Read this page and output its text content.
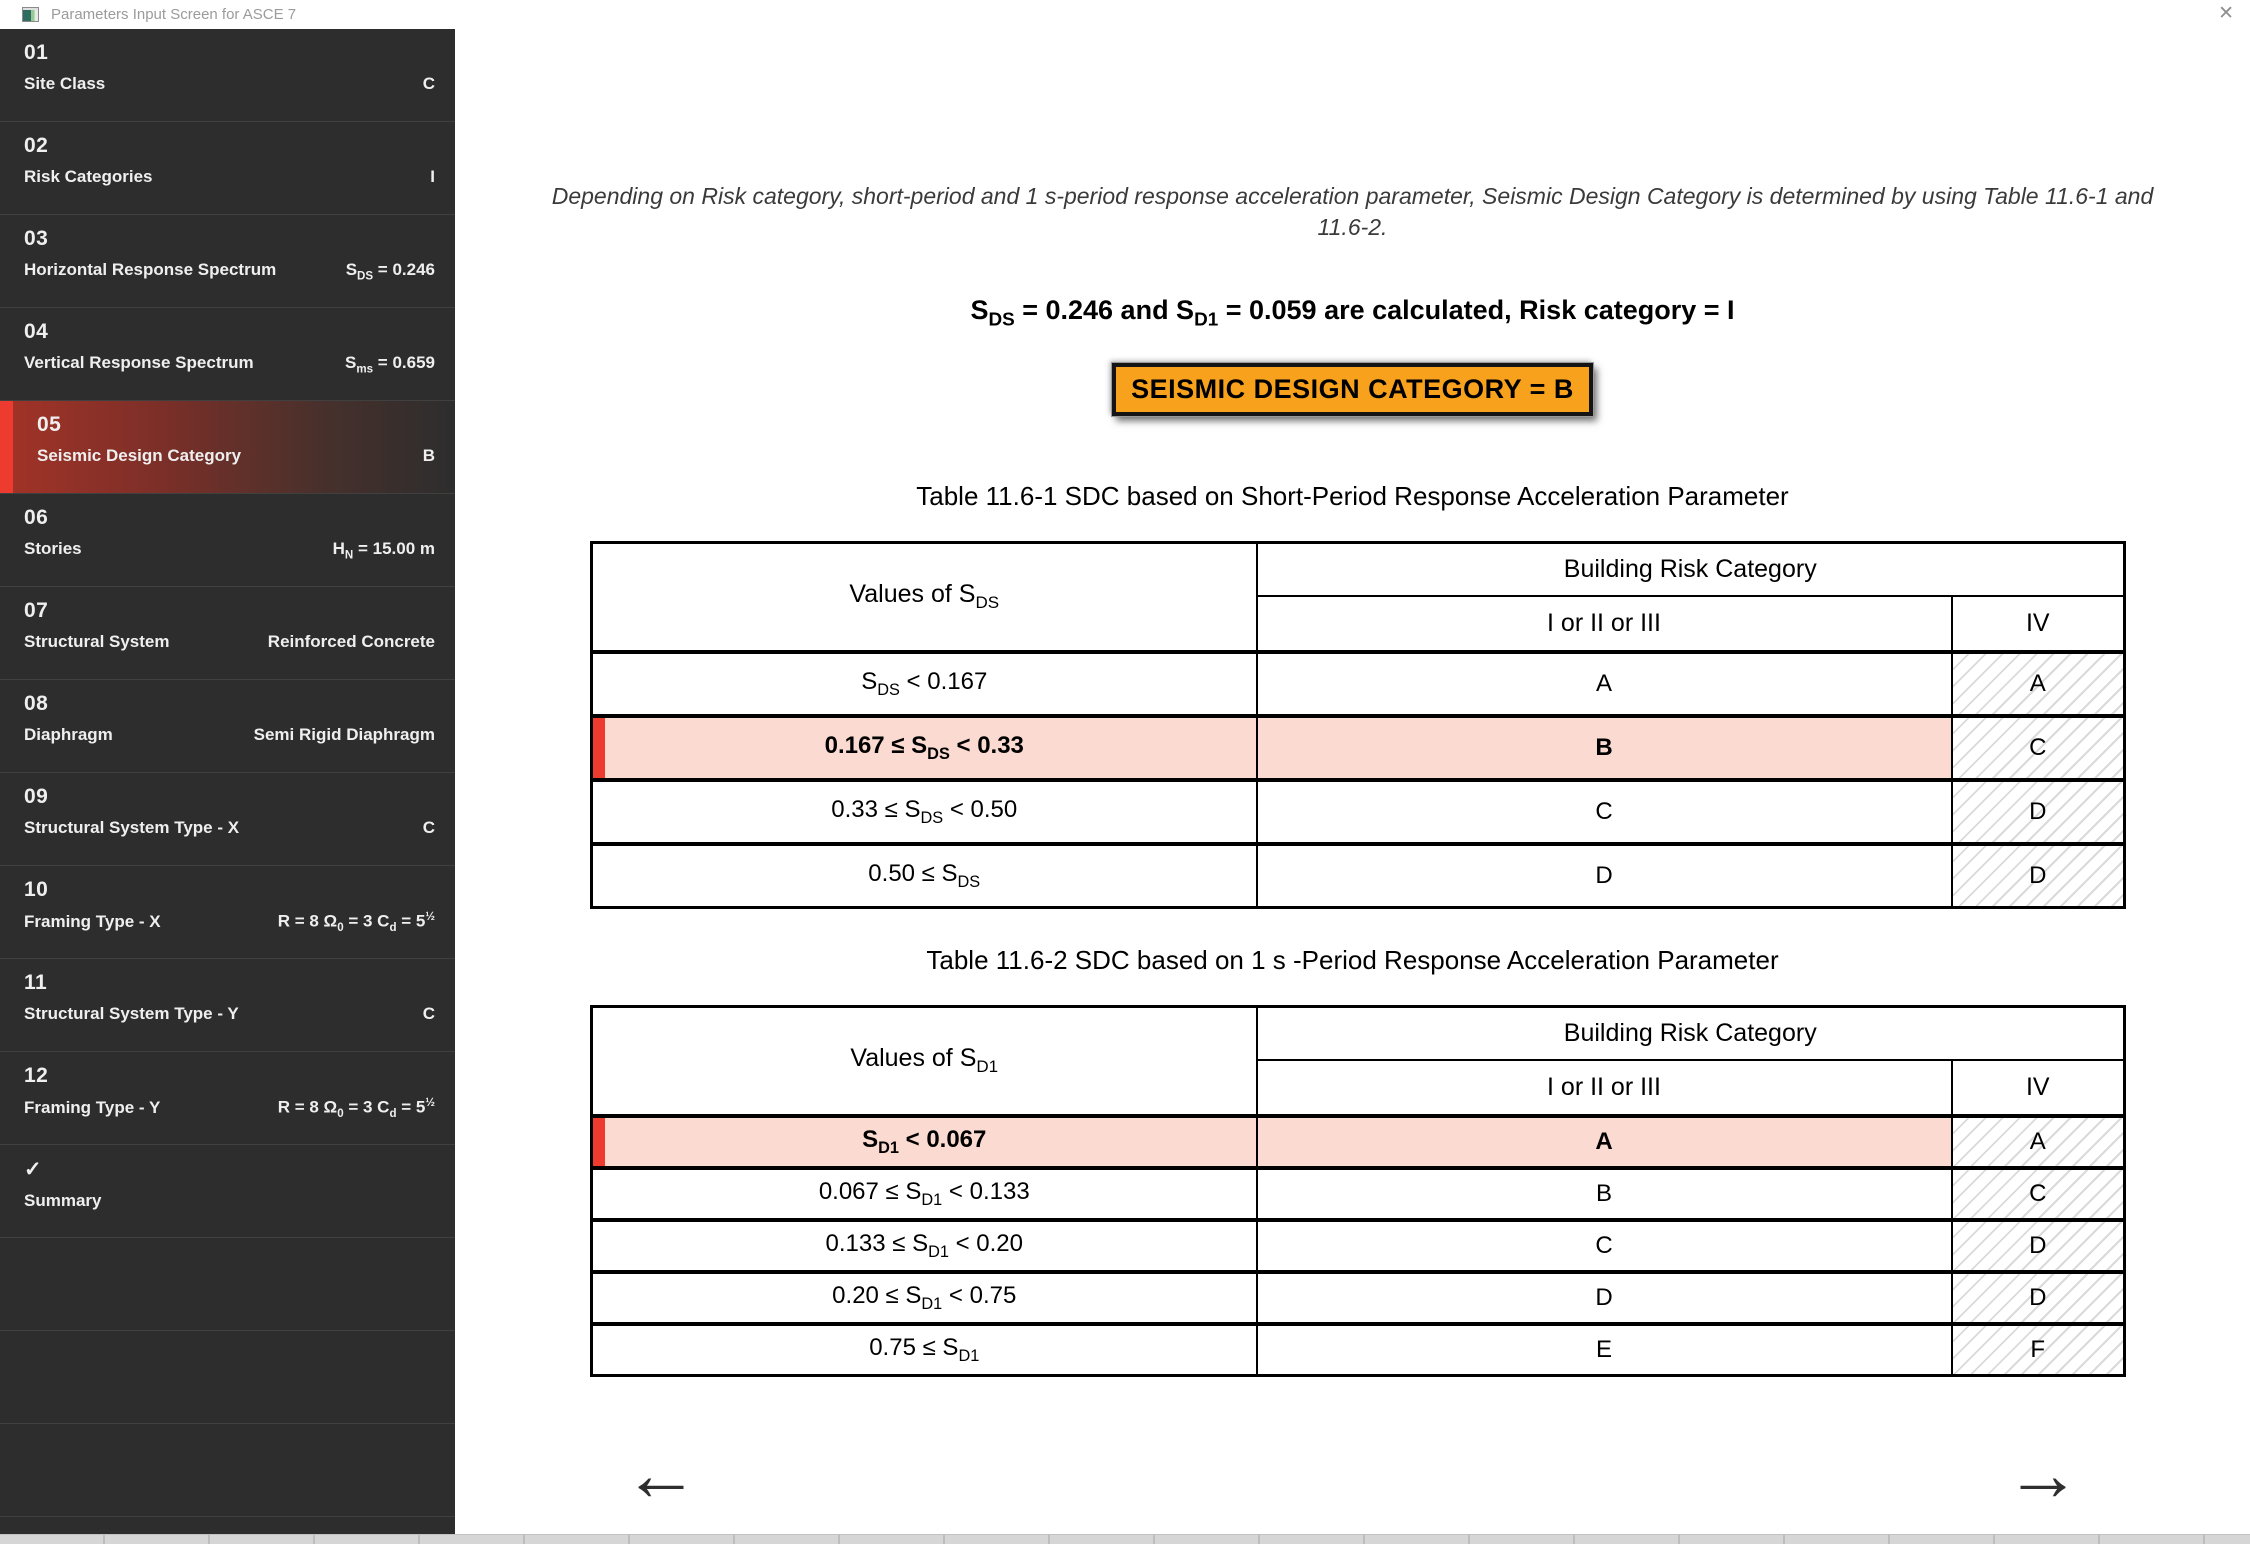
Parameters Input Screen for ASCE 7	✕
01
Site Class	C
02
Risk Categories	I
03
Horizontal Response Spectrum	$S_{DS} = 0.246$
04
Vertical Response Spectrum	$S_{ms} = 0.659$
05
Seismic Design Category	B
06
Stories	$H_N = 15.00$ m
07
Structural System	Reinforced Concrete
08
Diaphragm	Semi Rigid Diaphragm
09
Structural System Type - X	C
10
Framing Type - X	R = 8 $\Omega_0 = 3$ $C_d = 5^{\frac{1}{2}}$
11
Structural System Type - Y	C
12
Framing Type - Y	R = 8 $\Omega_0 = 3$ $C_d = 5^{\frac{1}{2}}$
✓
Summary
Depending on Risk category, short-period and 1 s-period response acceleration parameter, Seismic Design Category is determined by using Table 11.6-1 and 11.6-2.
$S_{DS} = 0.246$ and $S_{D1} = 0.059$ are calculated, Risk category = I
SEISMIC DESIGN CATEGORY = B
Table 11.6-1 SDC based on Short-Period Response Acceleration Parameter
Values of $S_{DS}$	Building Risk Category	
	I or II or III	IV
$S_{DS} < 0.167$	A	A
$0.167 \le S_{DS} < 0.33$	B	C
$0.33 \le S_{DS} < 0.50$	C	D
$0.50 \le S_{DS}$	D	D
Table 11.6-2 SDC based on 1 s -Period Response Acceleration Parameter
Values of $S_{D1}$	Building Risk Category	
	I or II or III	IV
$S_{D1} < 0.067$	A	A
$0.067 \le S_{D1} < 0.133$	B	C
$0.133 \le S_{D1} < 0.20$	C	D
$0.20 \le S_{D1} < 0.75$	D	D
$0.75 \le S_{D1}$	E	F
←	→
